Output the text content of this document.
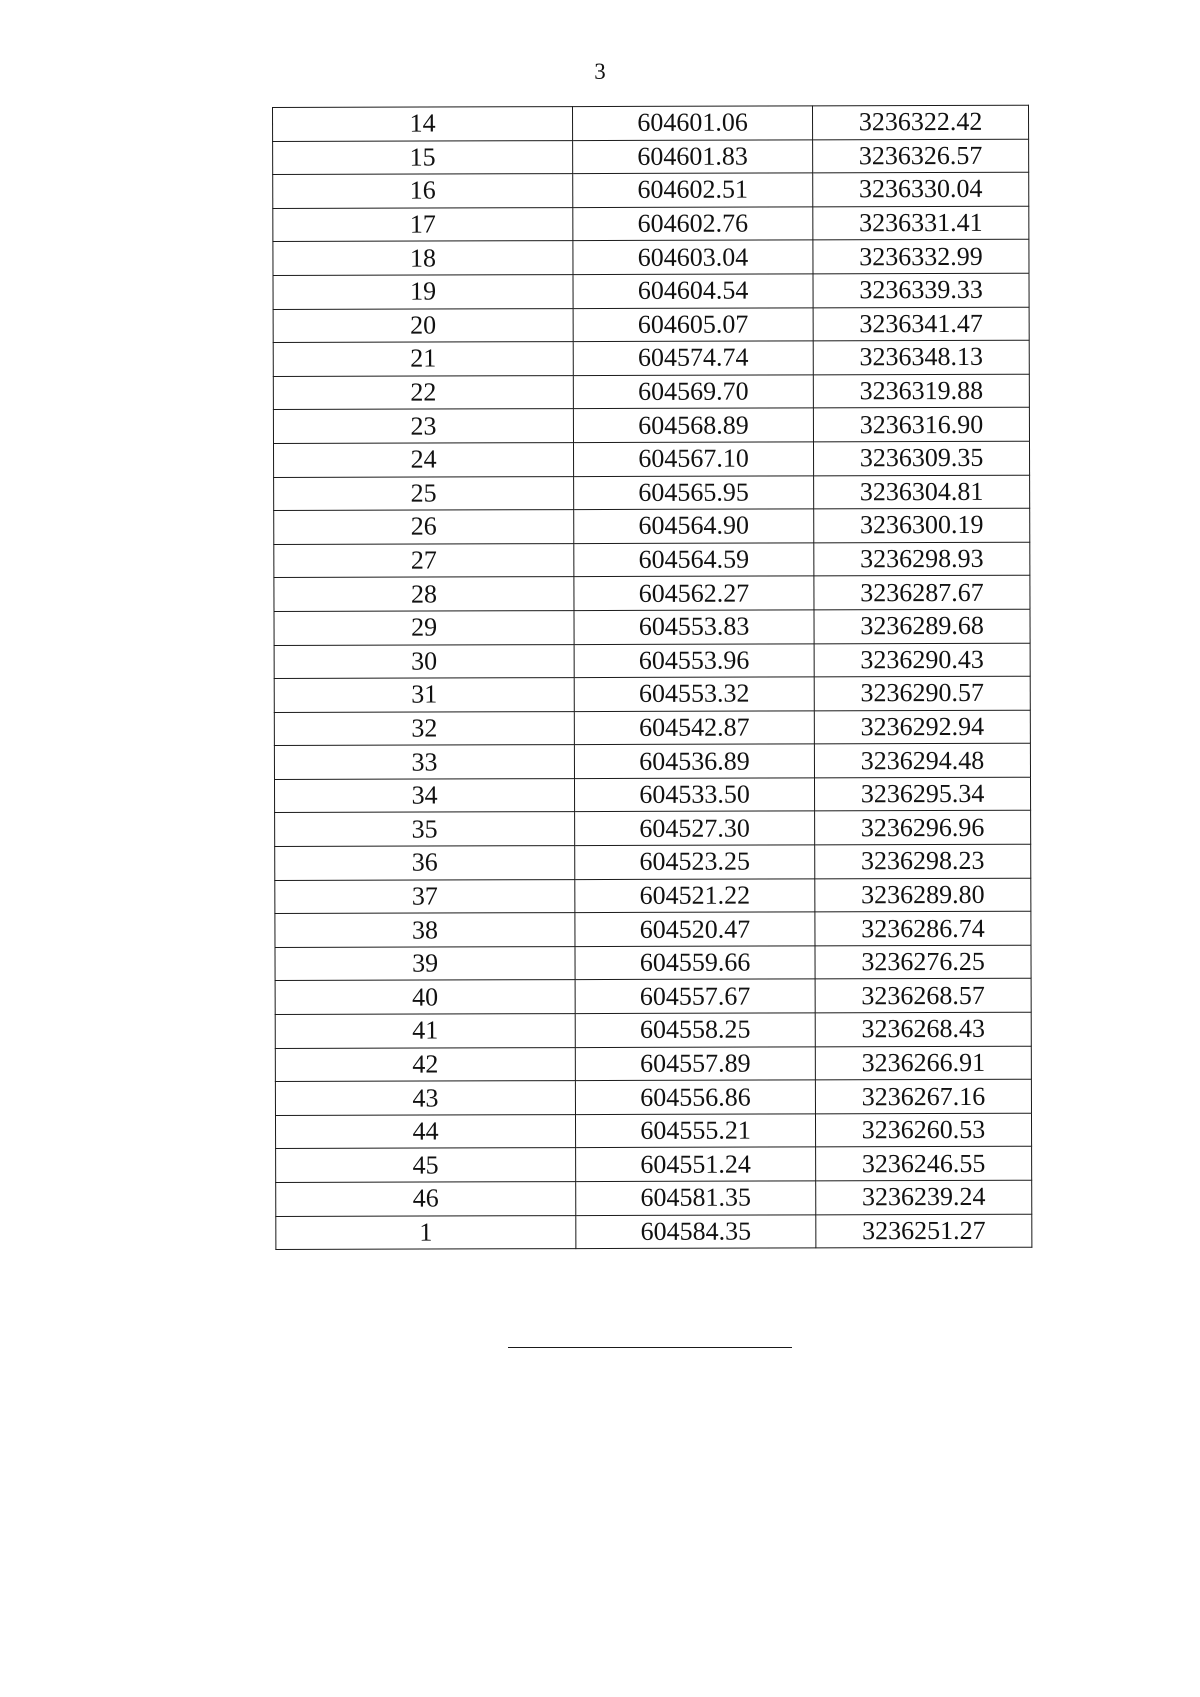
3
14	604601.06	3236322.42
15	604601.83	3236326.57
16	604602.51	3236330.04
17	604602.76	3236331.41
18	604603.04	3236332.99
19	604604.54	3236339.33
20	604605.07	3236341.47
21	604574.74	3236348.13
22	604569.70	3236319.88
23	604568.89	3236316.90
24	604567.10	3236309.35
25	604565.95	3236304.81
26	604564.90	3236300.19
27	604564.59	3236298.93
28	604562.27	3236287.67
29	604553.83	3236289.68
30	604553.96	3236290.43
31	604553.32	3236290.57
32	604542.87	3236292.94
33	604536.89	3236294.48
34	604533.50	3236295.34
35	604527.30	3236296.96
36	604523.25	3236298.23
37	604521.22	3236289.80
38	604520.47	3236286.74
39	604559.66	3236276.25
40	604557.67	3236268.57
41	604558.25	3236268.43
42	604557.89	3236266.91
43	604556.86	3236267.16
44	604555.21	3236260.53
45	604551.24	3236246.55
46	604581.35	3236239.24
1	604584.35	3236251.27
